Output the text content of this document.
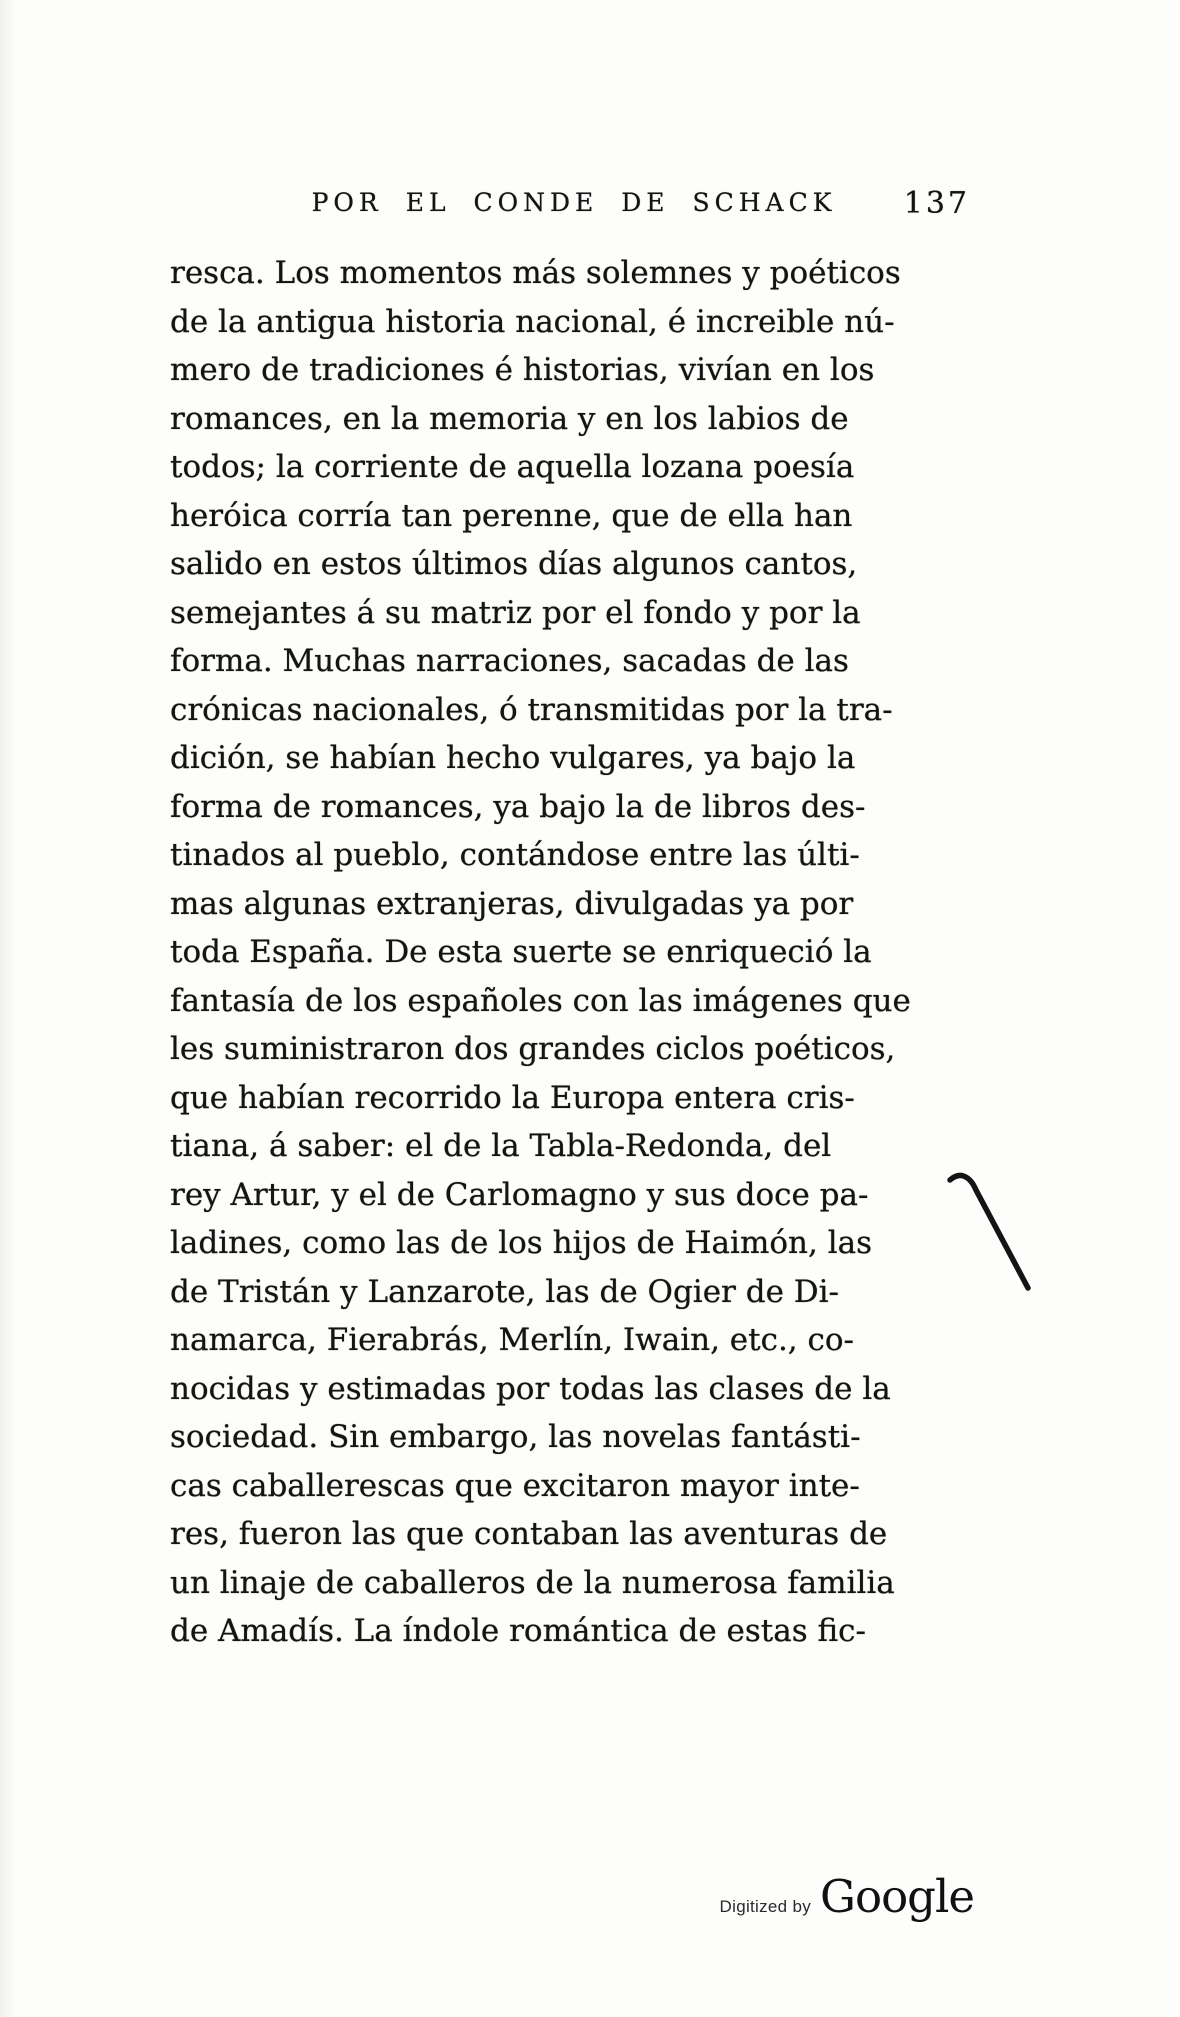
POR EL CONDE DE SCHACK	137
resca. Los momentos más solemnes y poéticos
de la antigua historia nacional, é increible nú-
mero de tradiciones é historias, vivían en los
romances, en la memoria y en los labios de
todos; la corriente de aquella lozana poesía
heróica corría tan perenne, que de ella han
salido en estos últimos días algunos cantos,
semejantes á su matriz por el fondo y por la
forma. Muchas narraciones, sacadas de las
crónicas nacionales, ó transmitidas por la tra-
dición, se habían hecho vulgares, ya bajo la
forma de romances, ya bajo la de libros des-
tinados al pueblo, contándose entre las últi-
mas algunas extranjeras, divulgadas ya por
toda España. De esta suerte se enriqueció la
fantasía de los españoles con las imágenes que
les suministraron dos grandes ciclos poéticos,
que habían recorrido la Europa entera cris-
tiana, á saber: el de la Tabla-Redonda, del
rey Artur, y el de Carlomagno y sus doce pa-
ladines, como las de los hijos de Haimón, las
de Tristán y Lanzarote, las de Ogier de Di-
namarca, Fierabrás, Merlín, Iwain, etc., co-
nocidas y estimadas por todas las clases de la
sociedad. Sin embargo, las novelas fantásti-
cas caballerescas que excitaron mayor inte-
res, fueron las que contaban las aventuras de
un linaje de caballeros de la numerosa familia
de Amadís. La índole romántica de estas fic-
Digitized by Google
